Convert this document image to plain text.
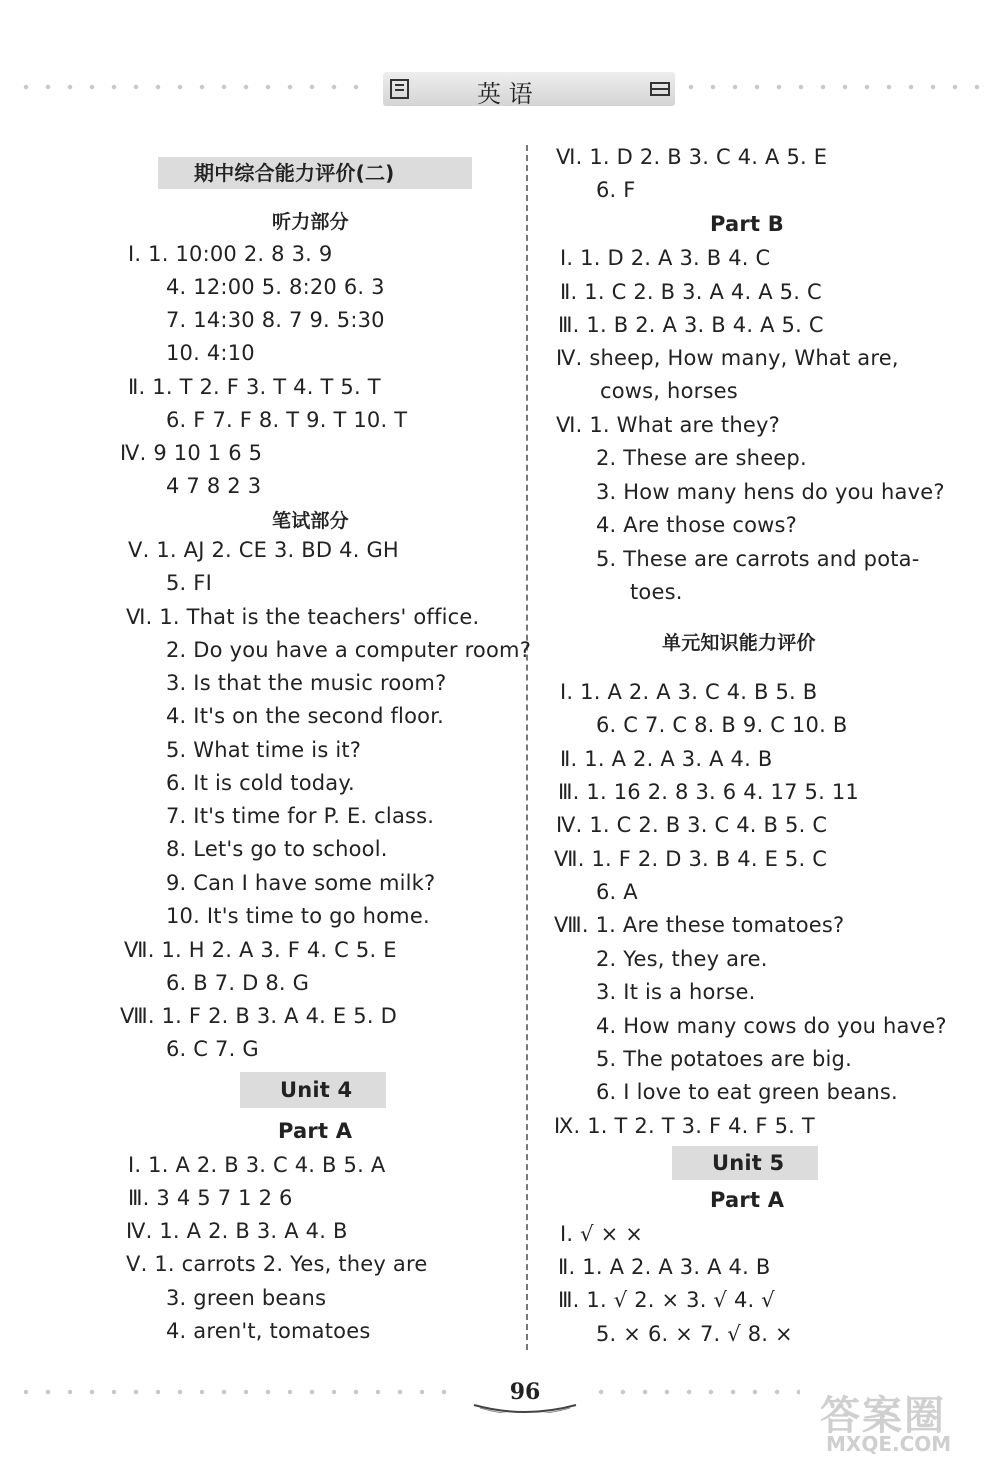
英 语
期中综合能力评价(二)
听力部分
Ⅰ. 1. 10:00 2. 8 3. 9
4. 12:00 5. 8:20 6. 3
7. 14:30 8. 7 9. 5:30
10. 4:10
Ⅱ. 1. T 2. F 3. T 4. T 5. T
6. F 7. F 8. T 9. T 10. T
Ⅳ. 9 10 1 6 5
4 7 8 2 3
笔试部分
Ⅴ. 1. AJ 2. CE 3. BD 4. GH
5. FI
Ⅵ. 1. That is the teachers' office.
2. Do you have a computer room?
3. Is that the music room?
4. It's on the second floor.
5. What time is it?
6. It is cold today.
7. It's time for P. E. class.
8. Let's go to school.
9. Can I have some milk?
10. It's time to go home.
Ⅶ. 1. H 2. A 3. F 4. C 5. E
6. B 7. D 8. G
Ⅷ. 1. F 2. B 3. A 4. E 5. D
6. C 7. G
Unit 4
Part A
Ⅰ. 1. A 2. B 3. C 4. B 5. A
Ⅲ. 3 4 5 7 1 2 6
Ⅳ. 1. A 2. B 3. A 4. B
Ⅴ. 1. carrots 2. Yes, they are
3. green beans
4. aren't, tomatoes
Ⅵ. 1. D 2. B 3. C 4. A 5. E
6. F
Part B
Ⅰ. 1. D 2. A 3. B 4. C
Ⅱ. 1. C 2. B 3. A 4. A 5. C
Ⅲ. 1. B 2. A 3. B 4. A 5. C
Ⅳ. sheep, How many, What are,
cows, horses
Ⅵ. 1. What are they?
2. These are sheep.
3. How many hens do you have?
4. Are those cows?
5. These are carrots and pota-
toes.
单元知识能力评价
Ⅰ. 1. A 2. A 3. C 4. B 5. B
6. C 7. C 8. B 9. C 10. B
Ⅱ. 1. A 2. A 3. A 4. B
Ⅲ. 1. 16 2. 8 3. 6 4. 17 5. 11
Ⅳ. 1. C 2. B 3. C 4. B 5. C
Ⅶ. 1. F 2. D 3. B 4. E 5. C
6. A
Ⅷ. 1. Are these tomatoes?
2. Yes, they are.
3. It is a horse.
4. How many cows do you have?
5. The potatoes are big.
6. I love to eat green beans.
Ⅸ. 1. T 2. T 3. F 4. F 5. T
Unit 5
Part A
Ⅰ. √ × ×
Ⅱ. 1. A 2. A 3. A 4. B
Ⅲ. 1. √ 2. × 3. √ 4. √
5. × 6. × 7. √ 8. ×
96
答案圈
MXQE.COM
